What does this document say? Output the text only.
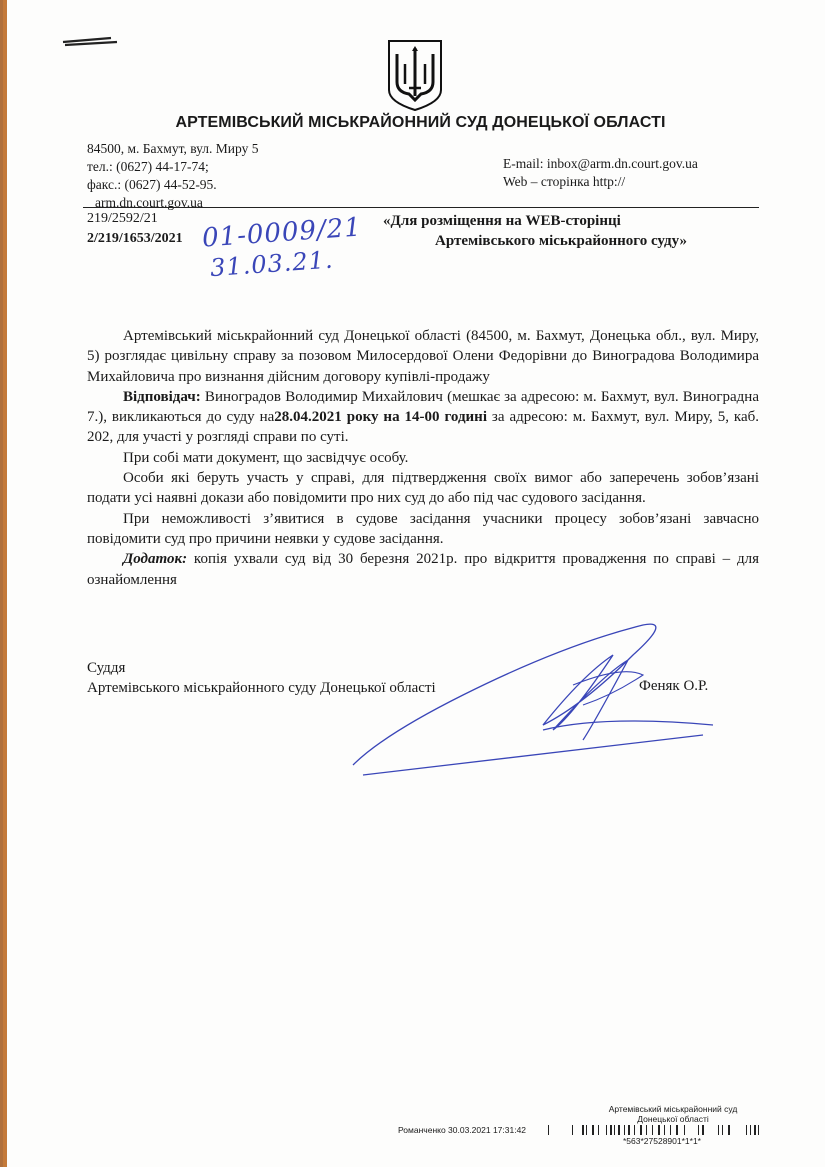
АРТЕМІВСЬКИЙ МІСЬКРАЙОННИЙ СУД ДОНЕЦЬКОЇ ОБЛАСТІ
84500, м. Бахмут, вул. Миру 5
тел.: (0627) 44-17-74;
факс.: (0627) 44-52-95.
arm.dn.court.gov.ua
E-mail: inbox@arm.dn.court.gov.ua
Web – сторінка http://
219/2592/21
2/219/1653/2021 01-0009/21
31.03.21.
«Для розміщення на WEB-сторінці
Артемівського міськрайонного суду»

Артемівський міськрайонний суд Донецької області (84500, м. Бахмут, Донецька обл., вул. Миру, 5) розглядає цивільну справу за позовом Милосердової Олени Федорівни до Виноградова Володимира Михайловича про визнання дійсним договору купівлі-продажу

Відповідач: Виноградов Володимир Михайлович (мешкає за адресою: м. Бахмут, вул. Виноградна 7.), викликаються до суду на28.04.2021 року на 14-00 годині за адресою: м. Бахмут, вул. Миру, 5, каб. 202, для участі у розгляді справи по суті.

При собі мати документ, що засвідчує особу.

Особи які беруть участь у справі, для підтвердження своїх вимог або заперечень зобов’язані подати усі наявні докази або повідомити про них суд до або під час судового засідання.

При неможливості з’явитися в судове засідання учасники процесу зобов’язані завчасно повідомити суд про причини неявки у судове засідання.

Додаток: копія ухвали суд від 30 березня 2021р. про відкриття провадження по справі – для ознайомлення

Суддя
Артемівського міськрайонного суду Донецької області	Феняк О.Р.
Артемівський міськрайонний суд
Донецької області
Романченко 30.03.2021 17:31:42
*563*27528901*1*1*
